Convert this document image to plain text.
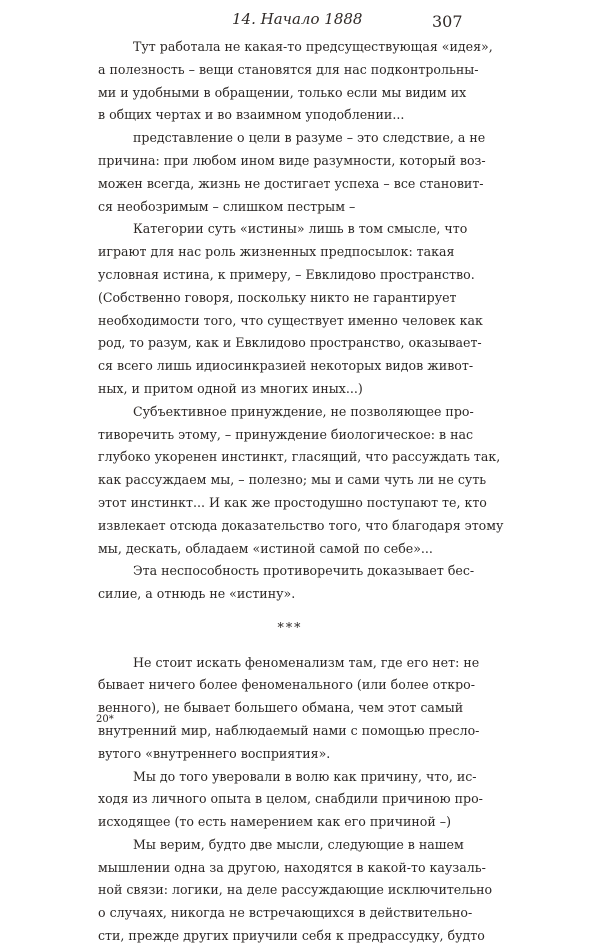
14. Начало 1888	307
Тут работала не какая-то предсуществующая «идея»,
а полезность – вещи становятся для нас подконтрольны-
ми и удобными в обращении, только если мы видим их
в общих чертах и во взаимном уподоблении...
представление о цели в разуме – это следствие, а не
причина: при любом ином виде разумности, который воз-
можен всегда, жизнь не достигает успеха – все становит-
ся необозримым – слишком пестрым –
Категории суть «истины» лишь в том смысле, что
играют для нас роль жизненных предпосылок: такая
условная истина, к примеру, – Евклидово пространство.
(Собственно говоря, поскольку никто не гарантирует
необходимости того, что существует именно человек как
род, то разум, как и Евклидово пространство, оказывает-
ся всего лишь идиосинкразией некоторых видов живот-
ных, и притом одной из многих иных...)
Субъективное принуждение, не позволяющее про-
тиворечить этому, – принуждение биологическое: в нас
глубоко укоренен инстинкт, гласящий, что рассуждать так,
как рассуждаем мы, – полезно; мы и сами чуть ли не суть
этот инстинкт... И как же простодушно поступают те, кто
извлекает отсюда доказательство того, что благодаря этому
мы, дескать, обладаем «истиной самой по себе»...
Эта неспособность противоречить доказывает бес-
силие, а отнюдь не «истину».
***
Не стоит искать феноменализм там, где его нет: не
бывает ничего более феноменального (или более откро-
венного), не бывает большего обмана, чем этот самый
внутренний мир, наблюдаемый нами с помощью пресло-
вутого «внутреннего восприятия».
Мы до того уверовали в волю как причину, что, ис-
ходя из личного опыта в целом, снабдили причиною про-
исходящее (то есть намерением как его причиной –)
Мы верим, будто две мысли, следующие в нашем
мышлении одна за другою, находятся в какой-то каузаль-
ной связи: логики, на деле рассуждающие исключительно
о случаях, никогда не встречающихся в действительно-
сти, прежде других приучили себя к предрассудку, будто
20*
